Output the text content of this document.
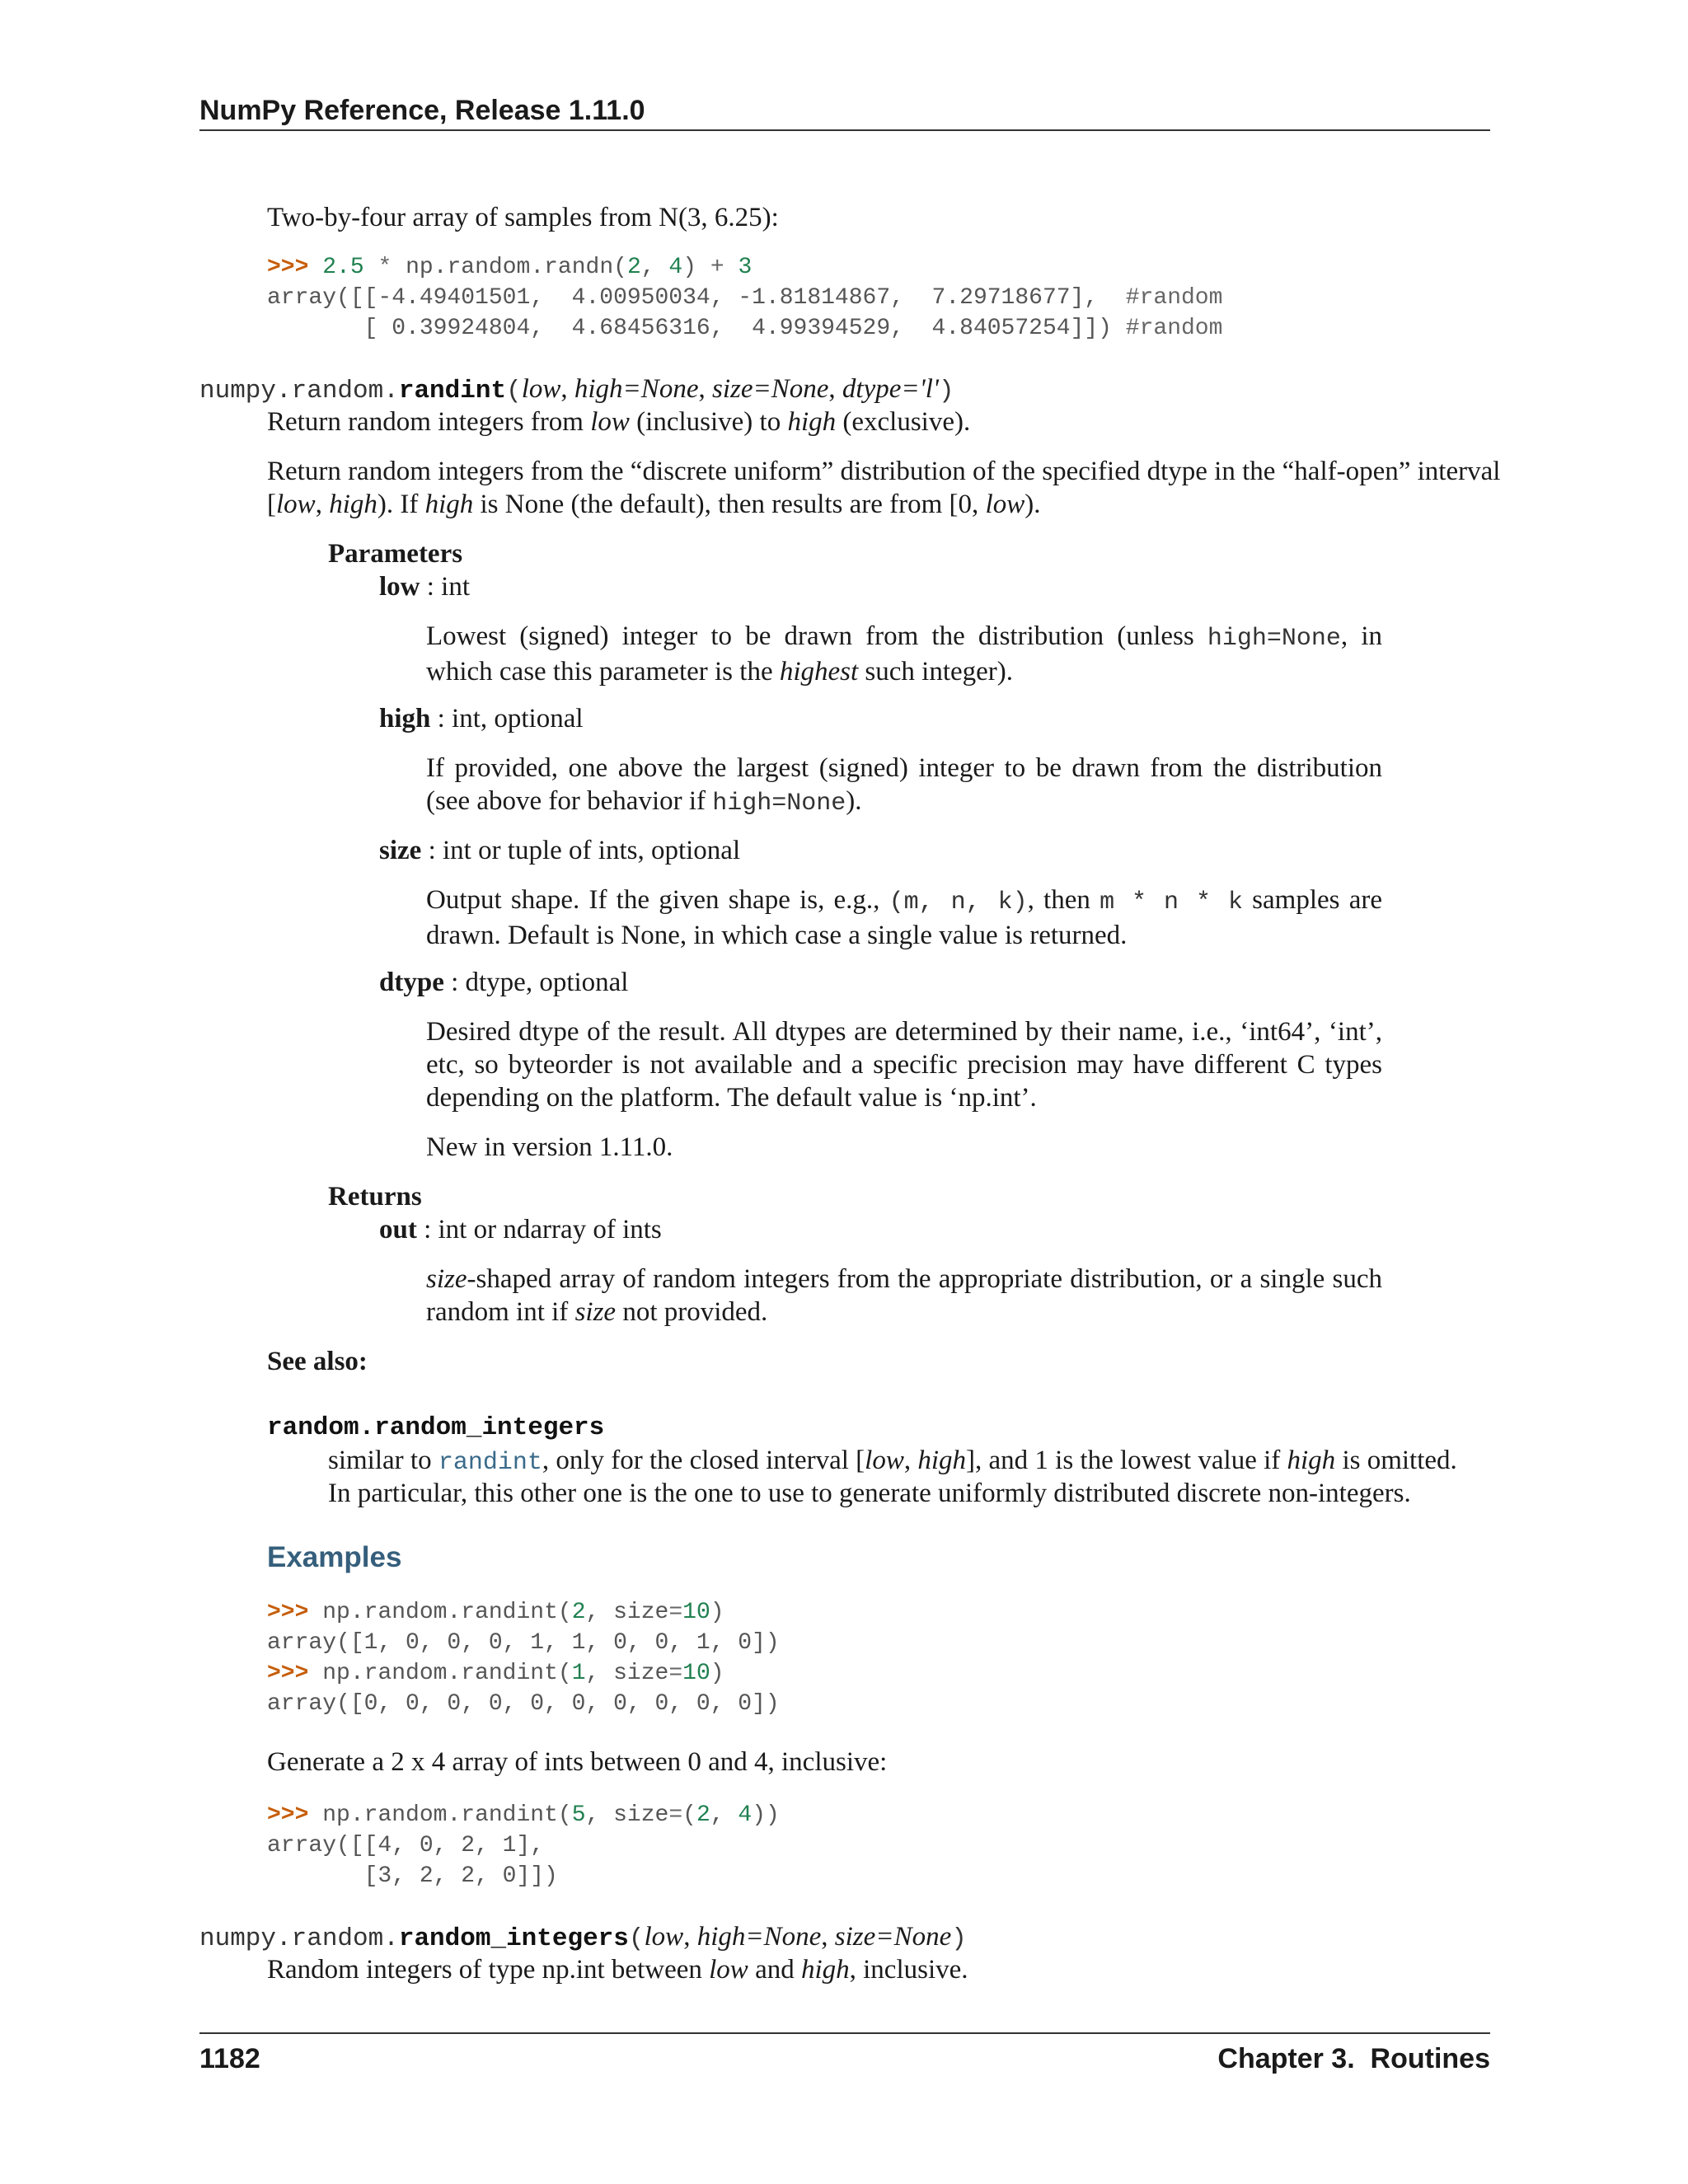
NumPy Reference, Release 1.11.0
Two-by-four array of samples from N(3, 6.25):
>>> 2.5 * np.random.randn(2, 4) + 3
array([[-4.49401501, 4.00950034, -1.81814867,  7.29718677], #random
[ 0.39924804,  4.68456316,  4.99394529,  4.84057254]]) #random
numpy.random.randint(low, high=None, size=None, dtype='l')
Return random integers from low (inclusive) to high (exclusive).
Return random integers from the “discrete uniform” distribution of the specified dtype in the “half-open” interval
[low, high). If high is None (the default), then results are from [0, low).
Parameters
low : int
Lowest (signed) integer to be drawn from the distribution (unless high=None, in which case this parameter is the highest such integer).
high : int, optional
If provided, one above the largest (signed) integer to be drawn from the distribution (see above for behavior if high=None).
size : int or tuple of ints, optional
Output shape. If the given shape is, e.g., (m, n, k), then m * n * k samples are drawn. Default is None, in which case a single value is returned.
dtype : dtype, optional
Desired dtype of the result. All dtypes are determined by their name, i.e., ‘int64’, ‘int’, etc, so byteorder is not available and a specific precision may have different C types depending on the platform. The default value is ‘np.int’.
New in version 1.11.0.
Returns
out : int or ndarray of ints
size-shaped array of random integers from the appropriate distribution, or a single such random int if size not provided.
See also:
random.random_integers
similar to randint, only for the closed interval [low, high], and 1 is the lowest value if high is omitted.
In particular, this other one is the one to use to generate uniformly distributed discrete non-integers.
Examples
>>> np.random.randint(2, size=10)
array([1, 0, 0, 0, 1, 1, 0, 0, 1, 0])
>>> np.random.randint(1, size=10)
array([0, 0, 0, 0, 0, 0, 0, 0, 0, 0])
Generate a 2 x 4 array of ints between 0 and 4, inclusive:
>>> np.random.randint(5, size=(2, 4))
array([[4, 0, 2, 1],
[3, 2, 2, 0]])
numpy.random.random_integers(low, high=None, size=None)
Random integers of type np.int between low and high, inclusive.
1182	Chapter 3.  Routines
